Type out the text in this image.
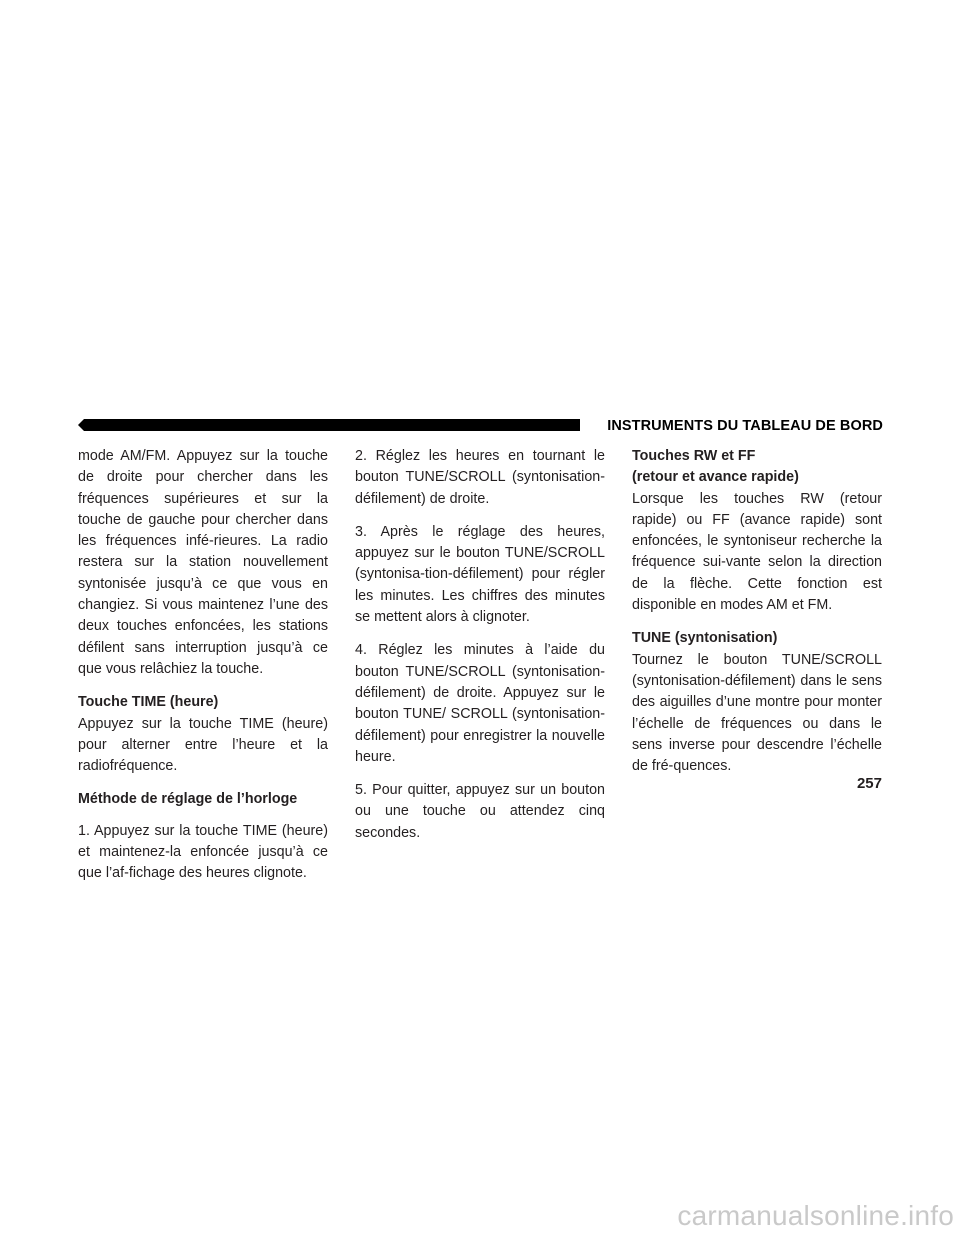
INSTRUMENTS DU TABLEAU DE BORD

mode AM/FM. Appuyez sur la touche de droite pour chercher dans les fréquences supérieures et sur la touche de gauche pour chercher dans les fréquences infé-rieures. La radio restera sur la station nouvellement syntonisée jusqu’à ce que vous en changiez. Si vous maintenez l’une des deux touches enfoncées, les stations défilent sans interruption jusqu’à ce que vous relâchiez la touche.

Touche TIME (heure)

Appuyez sur la touche TIME (heure) pour alterner entre l’heure et la radiofréquence.

Méthode de réglage de l’horloge

1. Appuyez sur la touche TIME (heure) et maintenez-la enfoncée jusqu’à ce que l’af-fichage des heures clignote.

2. Réglez les heures en tournant le bouton TUNE/SCROLL (syntonisation-défilement) de droite.

3. Après le réglage des heures, appuyez sur le bouton TUNE/SCROLL (syntonisa-tion-défilement) pour régler les minutes. Les chiffres des minutes se mettent alors à clignoter.

4. Réglez les minutes à l’aide du bouton TUNE/SCROLL (syntonisation-défilement) de droite. Appuyez sur le bouton TUNE/ SCROLL (syntonisation-défilement) pour enregistrer la nouvelle heure.

5. Pour quitter, appuyez sur un bouton ou une touche ou attendez cinq secondes.

Touches RW et FF
(retour et avance rapide)

Lorsque les touches RW (retour rapide) ou FF (avance rapide) sont enfoncées, le syntoniseur recherche la fréquence sui-vante selon la direction de la flèche. Cette fonction est disponible en modes AM et FM.

TUNE (syntonisation)

Tournez le bouton TUNE/SCROLL (syntonisation-défilement) dans le sens des aiguilles d’une montre pour monter l’échelle de fréquences ou dans le sens inverse pour descendre l’échelle de fré-quences.

257
carmanualsonline.info
